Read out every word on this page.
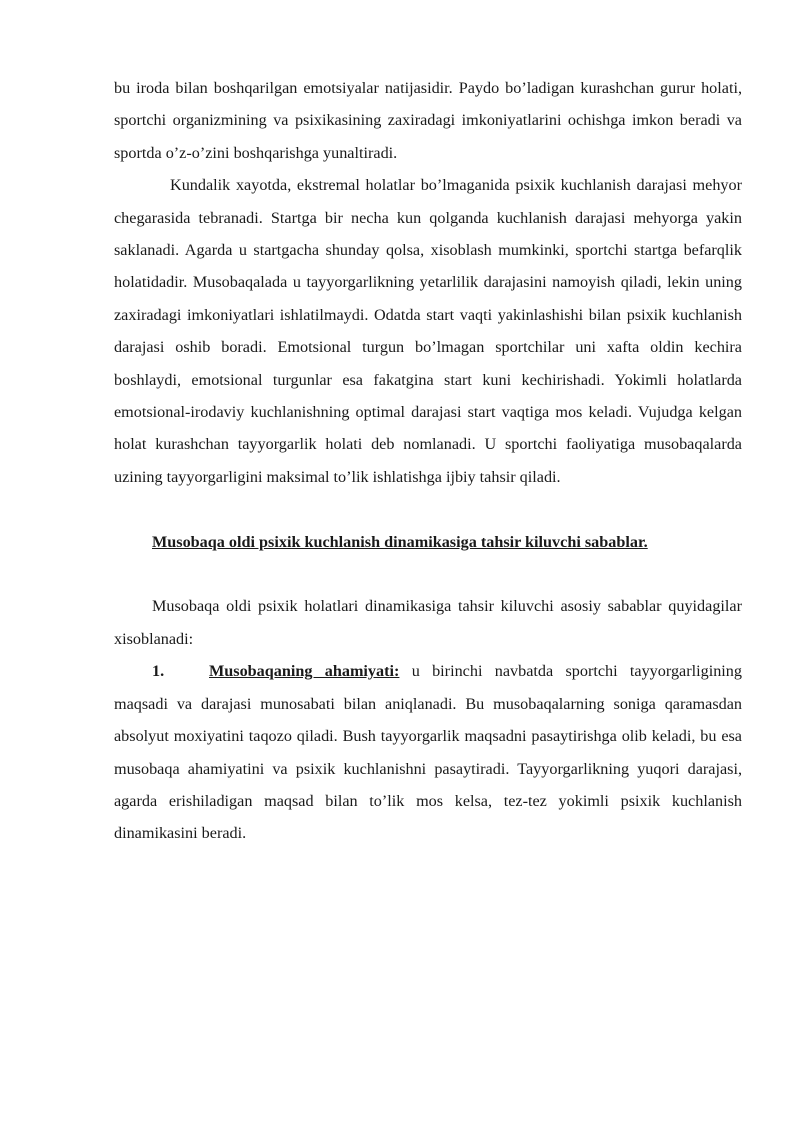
bu iroda bilan boshqarilgan emotsiyalar natijasidir. Paydo bo’ladigan kurashchan gurur holati, sportchi organizmining va psixikasining zaxiradagi imkoniyatlarini ochishga imkon beradi va sportda o’z-o’zini boshqarishga yunaltiradi.

Kundalik xayotda, ekstremal holatlar bo’lmaganida psixik kuchlanish darajasi mehyor chegarasida tebranadi. Startga bir necha kun qolganda kuchlanish darajasi mehyorga yakin saklanadi. Agarda u startgacha shunday qolsa, xisoblash mumkinki, sportchi startga befarqlik holatidadir. Musobaqalada u tayyorgarlikning yetarlilik darajasini namoyish qiladi, lekin uning zaxiradagi imkoniyatlari ishlatilmaydi. Odatda start vaqti yakinlashishi bilan psixik kuchlanish darajasi oshib boradi. Emotsional turgun bo’lmagan sportchilar uni xafta oldin kechira boshlaydi, emotsional turgunlar esa fakatgina start kuni kechirishadi. Yokimli holatlarda emotsional-irodaviy kuchlanishning optimal darajasi start vaqtiga mos keladi. Vujudga kelgan holat kurashchan tayyorgarlik holati deb nomlanadi. U sportchi faoliyatiga musobaqalarda uzining tayyorgarligini maksimal to’lik ishlatishga ijbiy tahsir qiladi.

Musobaqa oldi psixik kuchlanish dinamikasiga tahsir kiluvchi sabablar.

Musobaqa oldi psixik holatlari dinamikasiga tahsir kiluvchi asosiy sabablar quyidagilar xisoblanadi:

1.	Musobaqaning ahamiyati: u birinchi navbatda sportchi tayyorgarligining maqsadi va darajasi munosabati bilan aniqlanadi. Bu musobaqalarning soniga qaramasdan absolyut moxiyatini taqozo qiladi. Bush tayyorgarlik maqsadni pasaytirishga olib keladi, bu esa musobaqa ahamiyatini va psixik kuchlanishni pasaytiradi. Tayyorgarlikning yuqori darajasi, agarda erishiladigan maqsad bilan to’lik mos kelsa, tez-tez yokimli psixik kuchlanish dinamikasini beradi.
